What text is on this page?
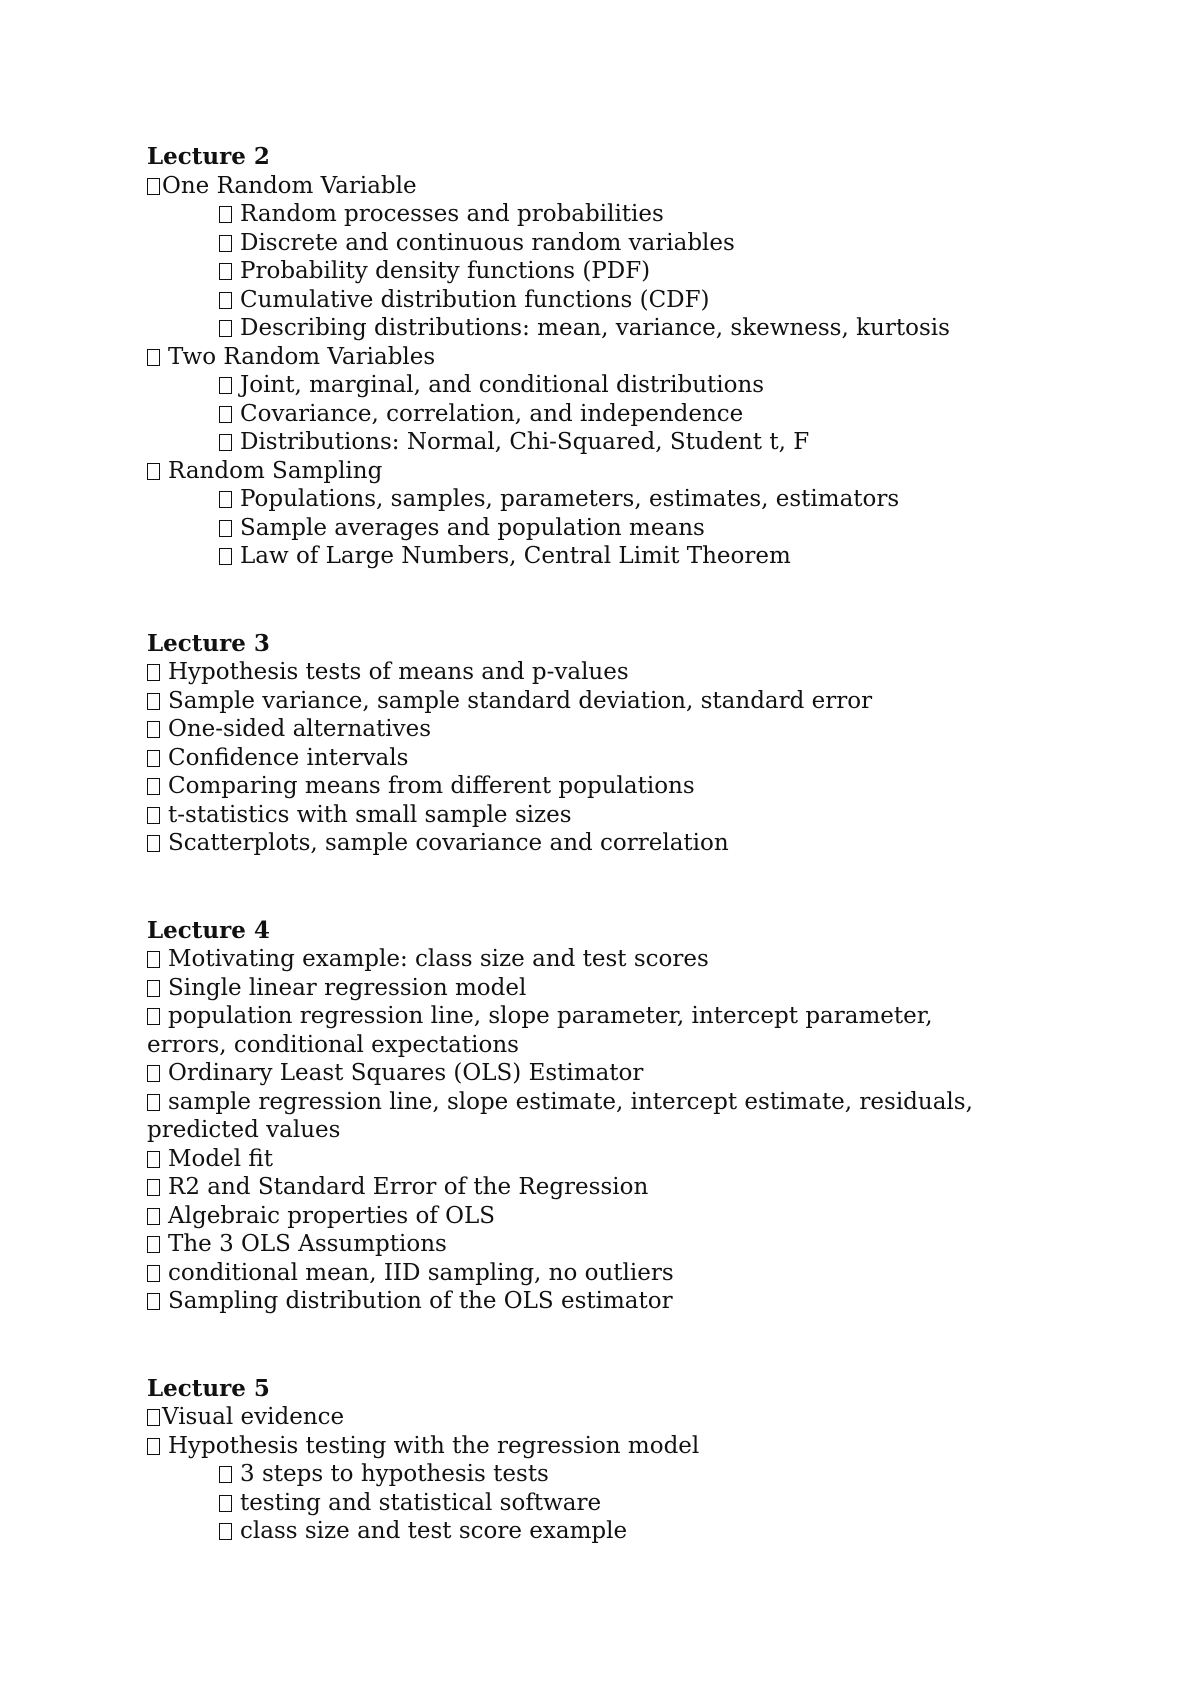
Lecture 2
One Random Variable
Random processes and probabilities
Discrete and continuous random variables
Probability density functions (PDF)
Cumulative distribution functions (CDF)
Describing distributions: mean, variance, skewness, kurtosis
Two Random Variables
Joint, marginal, and conditional distributions
Covariance, correlation, and independence
Distributions: Normal, Chi-Squared, Student t, F
Random Sampling
Populations, samples, parameters, estimates, estimators
Sample averages and population means
Law of Large Numbers, Central Limit Theorem
Lecture 3
Hypothesis tests of means and p-values
Sample variance, sample standard deviation, standard error
One-sided alternatives
Confidence intervals
Comparing means from different populations
t-statistics with small sample sizes
Scatterplots, sample covariance and correlation
Lecture 4
Motivating example: class size and test scores
Single linear regression model
population regression line, slope parameter, intercept parameter,
errors, conditional expectations
Ordinary Least Squares (OLS) Estimator
sample regression line, slope estimate, intercept estimate, residuals,
predicted values
Model fit
R2 and Standard Error of the Regression
Algebraic properties of OLS
The 3 OLS Assumptions
conditional mean, IID sampling, no outliers
Sampling distribution of the OLS estimator
Lecture 5
Visual evidence
Hypothesis testing with the regression model
3 steps to hypothesis tests
testing and statistical software
class size and test score example
